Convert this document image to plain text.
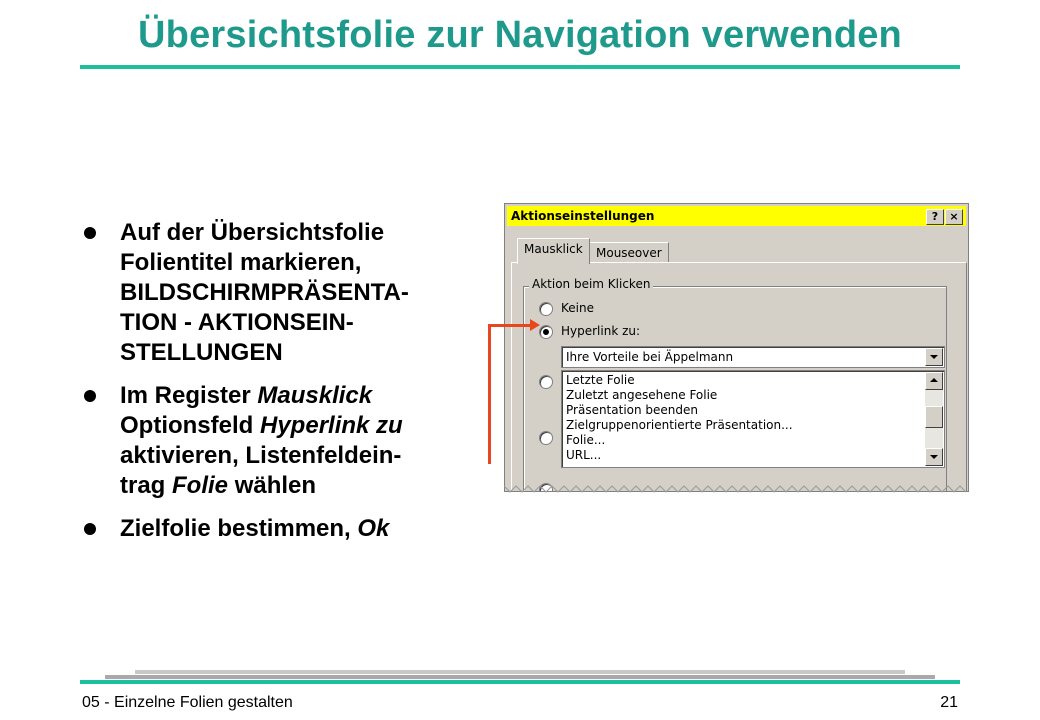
Übersichtsfolie zur Navigation verwenden
Auf der Übersichtsfolie
Folientitel markieren,
BILDSCHIRMPRÄSENTA-
TION - AKTIONSEIN-
STELLUNGEN
Im Register Mausklick
Optionsfeld Hyperlink zu
aktivieren, Listenfeldein-
trag Folie wählen
Zielfolie bestimmen, Ok
Aktionseinstellungen	?	×
Mausklick	Mouseover
Aktion beim Klicken
Keine
Hyperlink zu:
Ihre Vorteile bei Äppelmann
Letzte Folie
Zuletzt angesehene Folie
Präsentation beenden
Zielgruppenorientierte Präsentation...
Folie...
URL...
05 - Einzelne Folien gestalten	21
